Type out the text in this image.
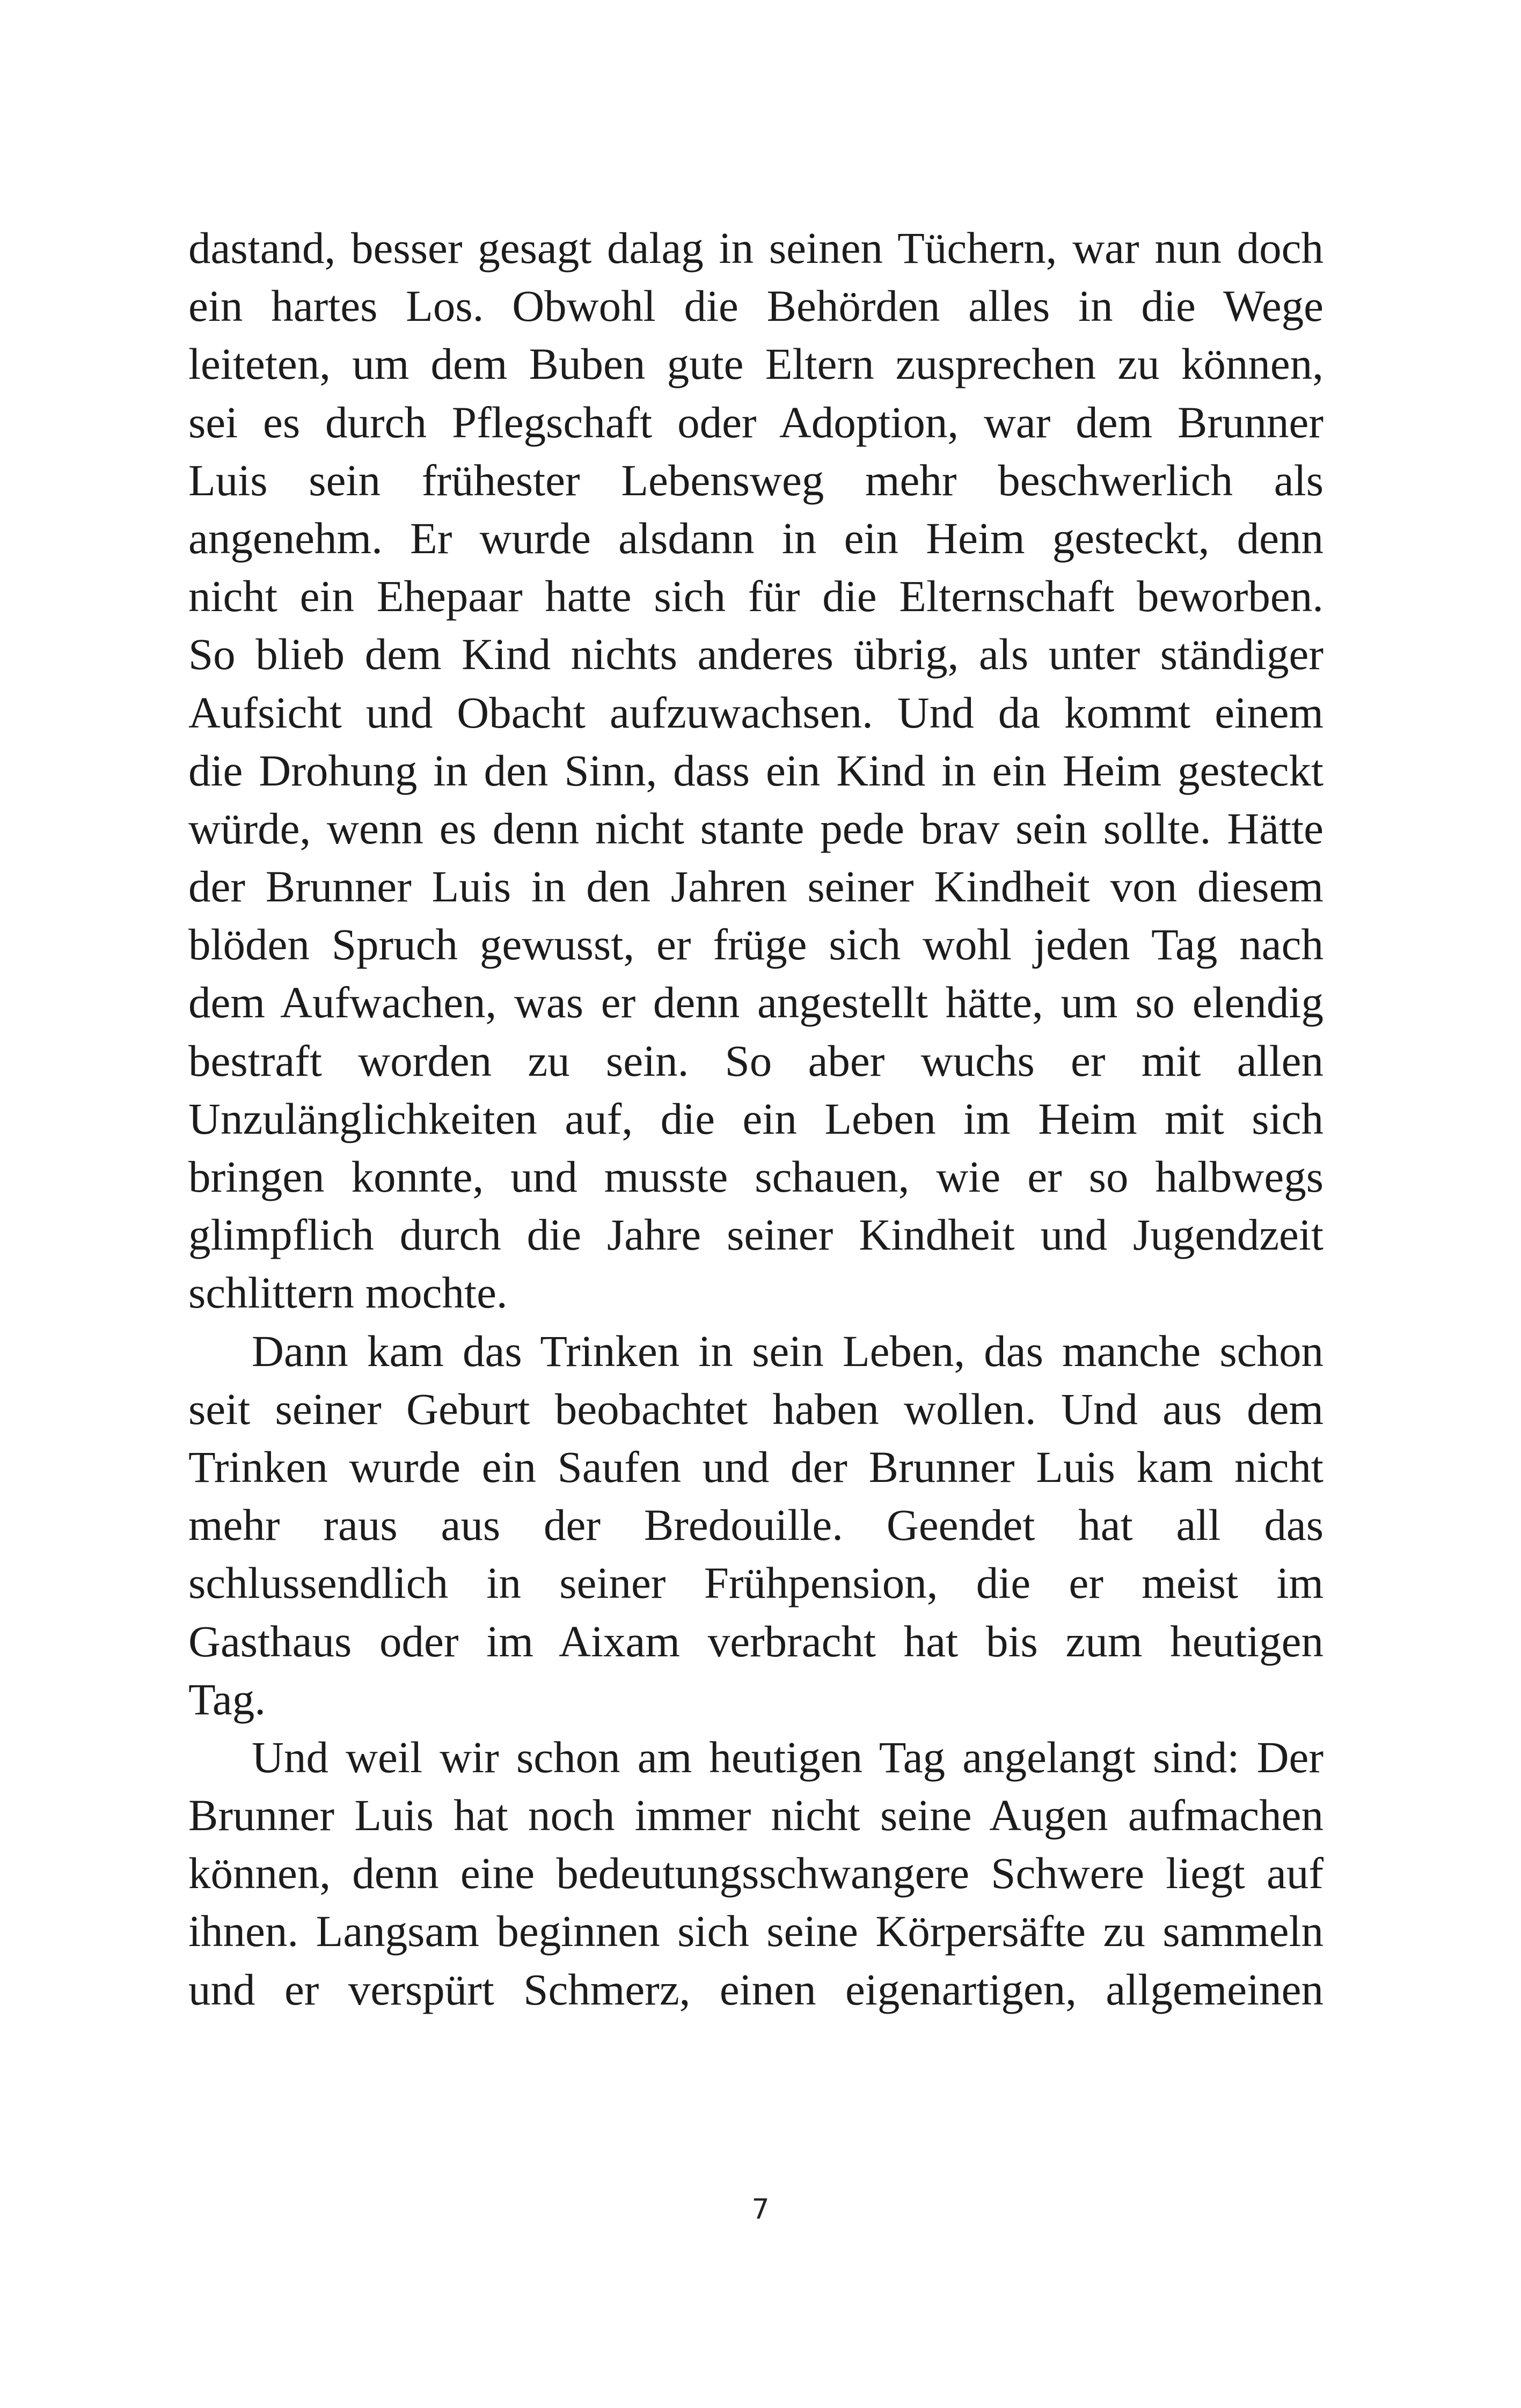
dastand, besser gesagt dalag in seinen Tüchern, war nun doch
ein hartes Los. Obwohl die Behörden alles in die Wege
leiteten, um dem Buben gute Eltern zusprechen zu können,
sei es durch Pflegschaft oder Adoption, war dem Brunner
Luis sein frühester Lebensweg mehr beschwerlich als
angenehm. Er wurde alsdann in ein Heim gesteckt, denn
nicht ein Ehepaar hatte sich für die Elternschaft beworben.
So blieb dem Kind nichts anderes übrig, als unter ständiger
Aufsicht und Obacht aufzuwachsen. Und da kommt einem
die Drohung in den Sinn, dass ein Kind in ein Heim gesteckt
würde, wenn es denn nicht stante pede brav sein sollte. Hätte
der Brunner Luis in den Jahren seiner Kindheit von diesem
blöden Spruch gewusst, er früge sich wohl jeden Tag nach
dem Aufwachen, was er denn angestellt hätte, um so elendig
bestraft worden zu sein. So aber wuchs er mit allen
Unzulänglichkeiten auf, die ein Leben im Heim mit sich
bringen konnte, und musste schauen, wie er so halbwegs
glimpflich durch die Jahre seiner Kindheit und Jugendzeit
schlittern mochte.
Dann kam das Trinken in sein Leben, das manche schon
seit seiner Geburt beobachtet haben wollen. Und aus dem
Trinken wurde ein Saufen und der Brunner Luis kam nicht
mehr raus aus der Bredouille. Geendet hat all das
schlussendlich in seiner Frühpension, die er meist im
Gasthaus oder im Aixam verbracht hat bis zum heutigen
Tag.
Und weil wir schon am heutigen Tag angelangt sind: Der
Brunner Luis hat noch immer nicht seine Augen aufmachen
können, denn eine bedeutungsschwangere Schwere liegt auf
ihnen. Langsam beginnen sich seine Körpersäfte zu sammeln
und er verspürt Schmerz, einen eigenartigen, allgemeinen
7
